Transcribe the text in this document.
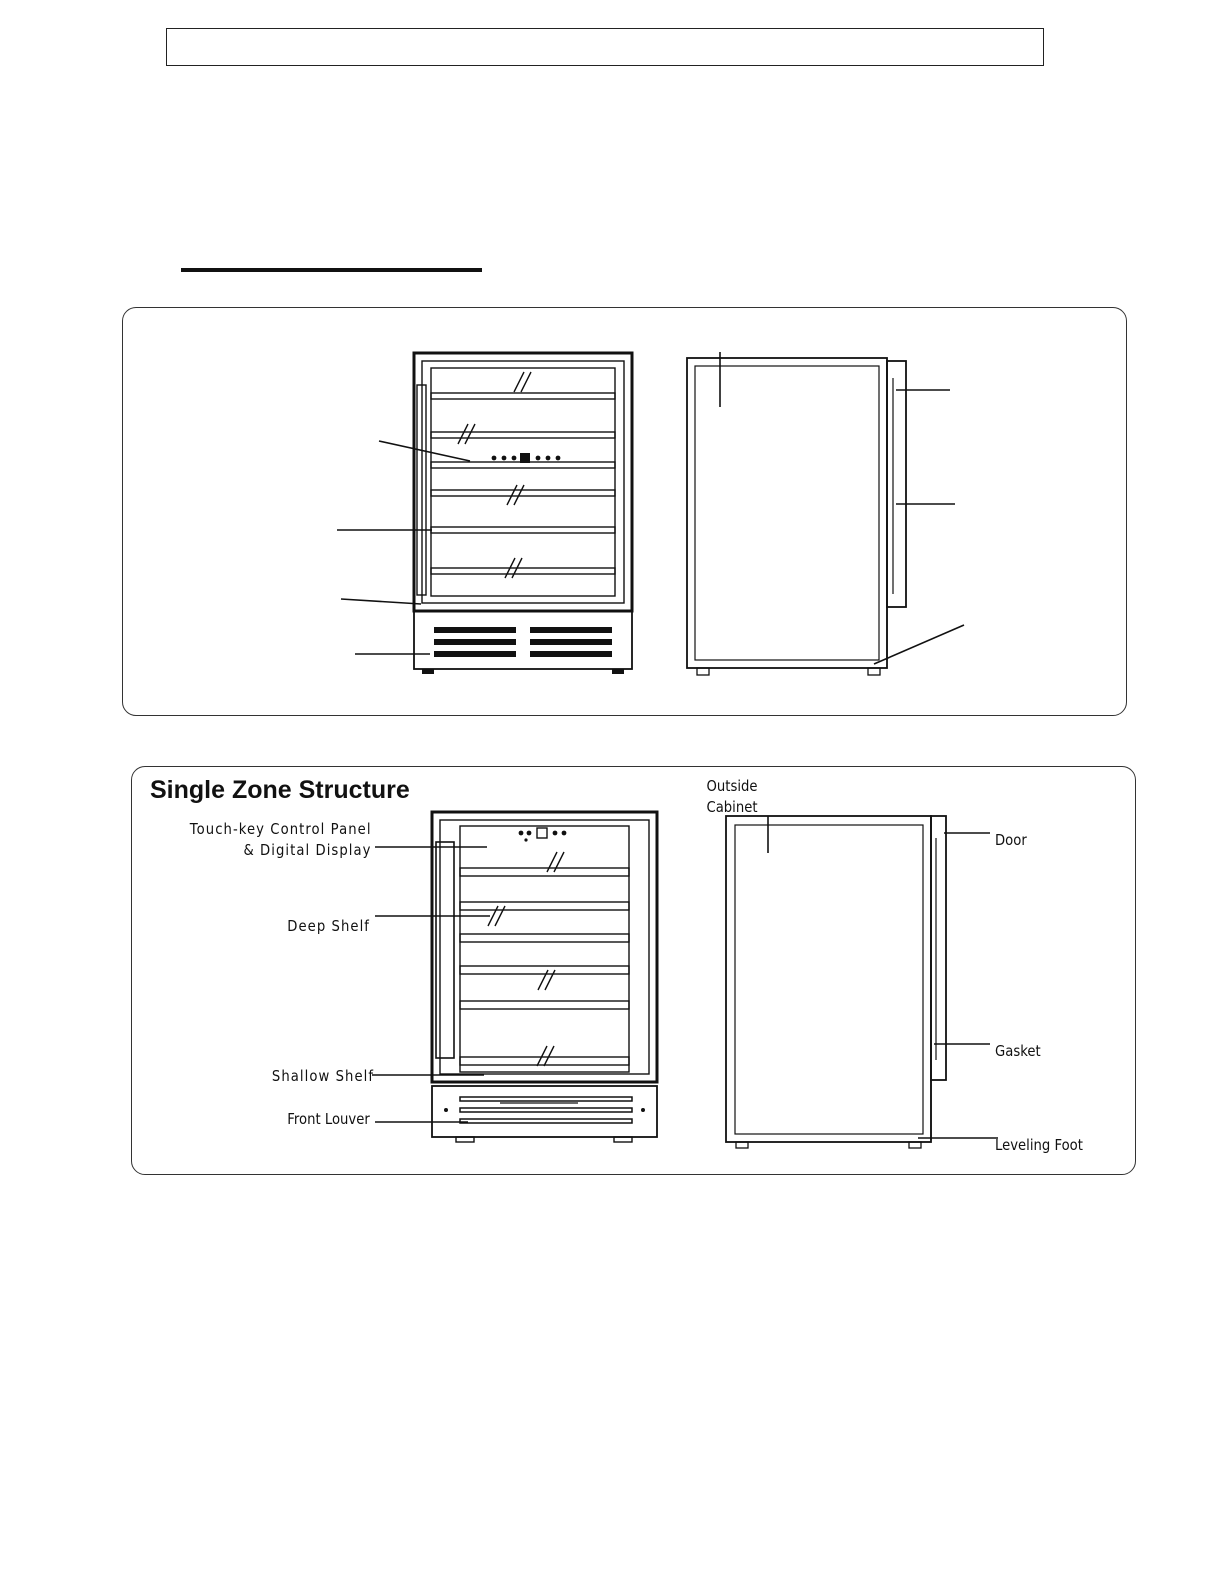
Single Zone Structure
Touch-key Control Panel
& Digital Display
Deep Shelf
Shallow Shelf
Front Louver
Outside
Cabinet
Door
Gasket
Leveling Foot
